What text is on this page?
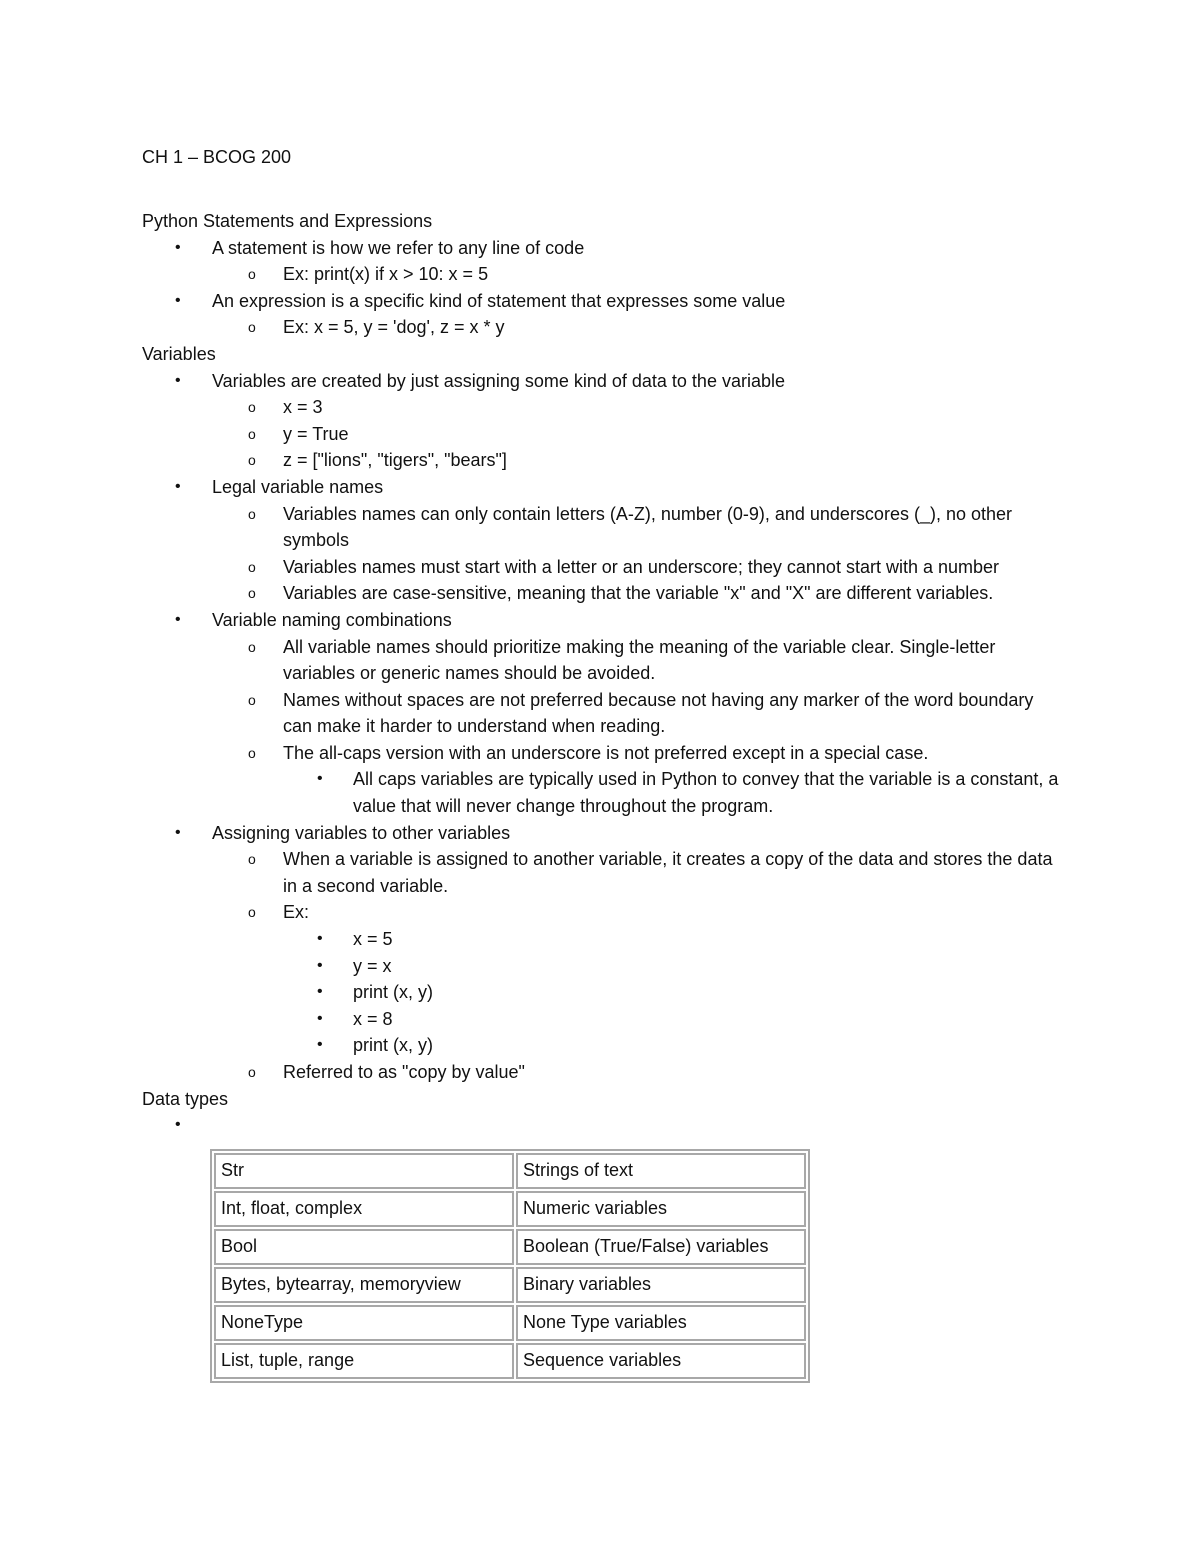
CH 1 – BCOG 200
Python Statements and Expressions
• A statement is how we refer to any line of code
o Ex: print(x) if x > 10: x = 5
• An expression is a specific kind of statement that expresses some value
o Ex: x = 5, y = 'dog', z = x * y
Variables
• Variables are created by just assigning some kind of data to the variable
o x = 3
o y = True
o z = ["lions", "tigers", "bears"]
• Legal variable names
o Variables names can only contain letters (A-Z), number (0-9), and underscores (_), no other symbols
o Variables names must start with a letter or an underscore; they cannot start with a number
o Variables are case-sensitive, meaning that the variable "x" and "X" are different variables.
• Variable naming combinations
o All variable names should prioritize making the meaning of the variable clear. Single-letter variables or generic names should be avoided.
o Names without spaces are not preferred because not having any marker of the word boundary can make it harder to understand when reading.
o The all-caps version with an underscore is not preferred except in a special case.
• All caps variables are typically used in Python to convey that the variable is a constant, a value that will never change throughout the program.
• Assigning variables to other variables
o When a variable is assigned to another variable, it creates a copy of the data and stores the data in a second variable.
o Ex:
• x = 5
• y = x
• print (x, y)
• x = 8
• print (x, y)
o Referred to as "copy by value"
Data types
•

Str	Strings of text
Int, float, complex	Numeric variables
Bool	Boolean (True/False) variables
Bytes, bytearray, memoryview	Binary variables
NoneType	None Type variables
List, tuple, range	Sequence variables
